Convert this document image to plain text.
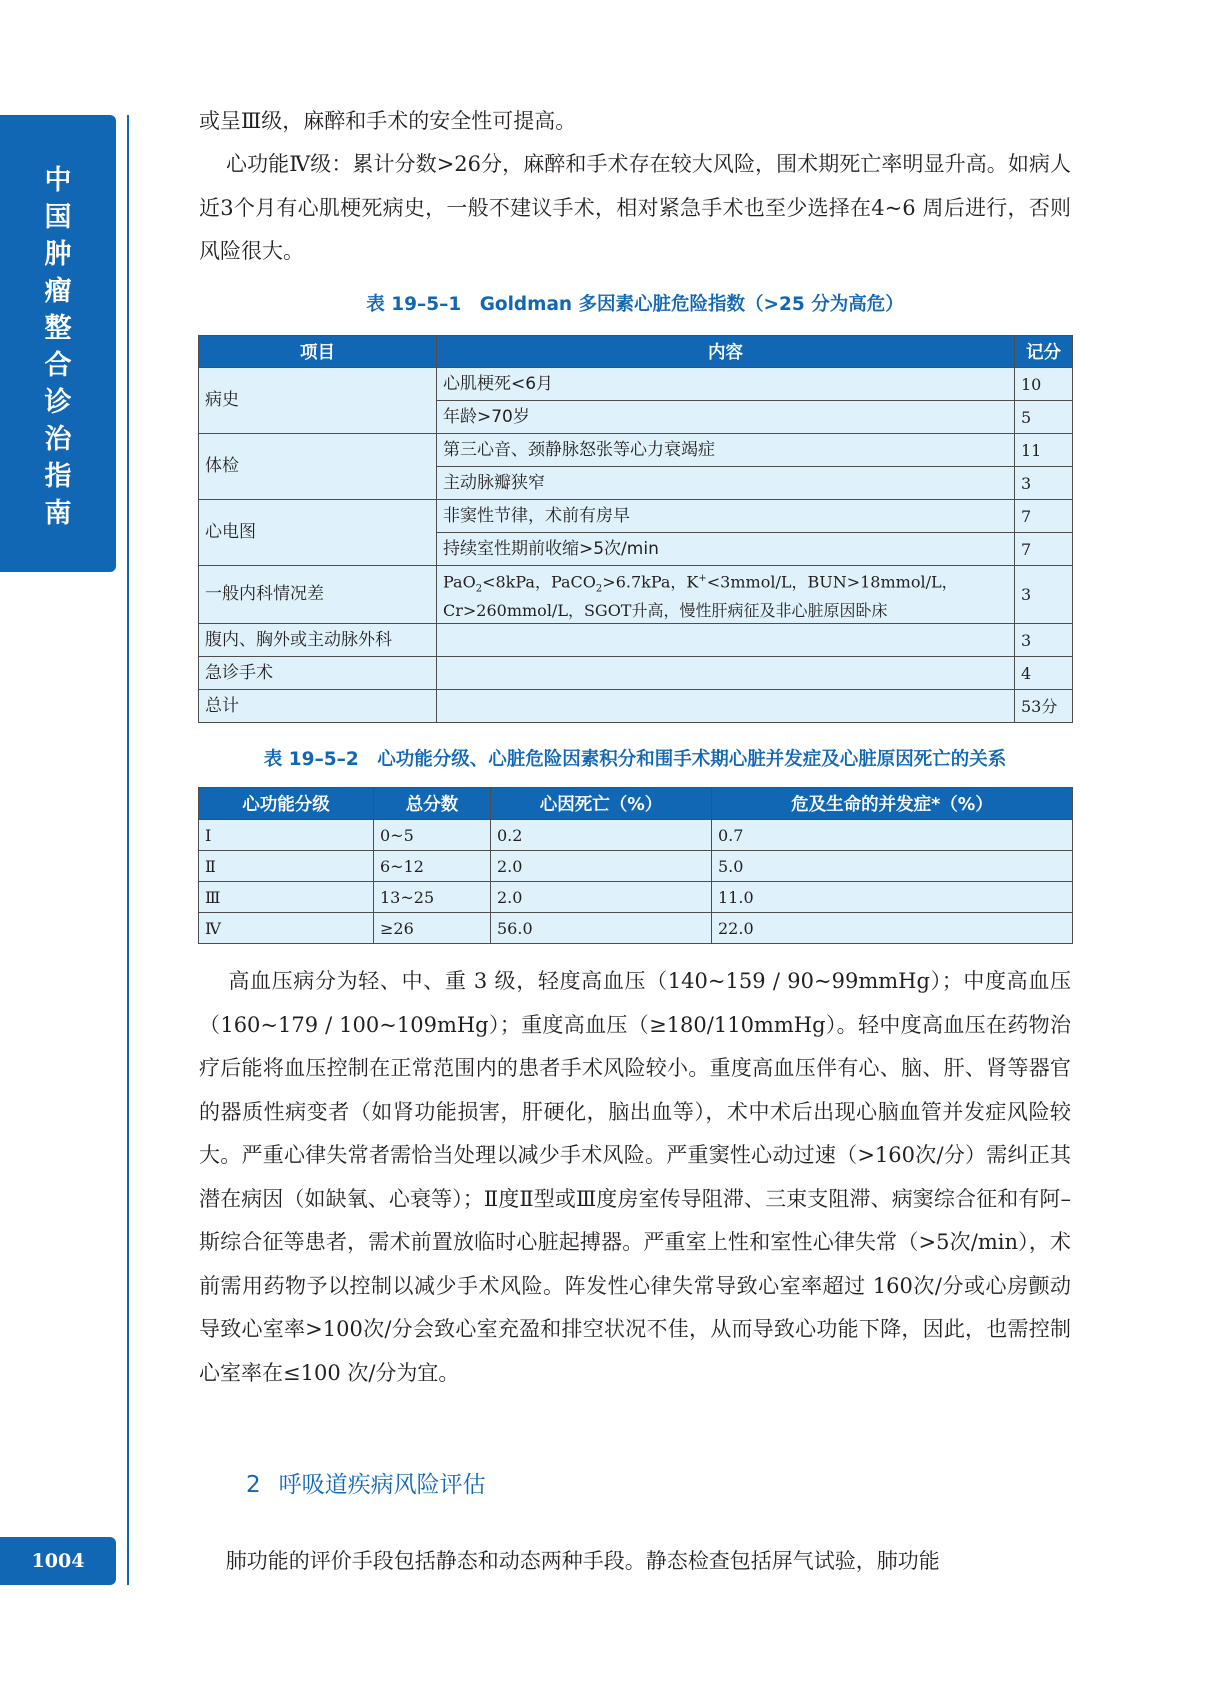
中
国
肿
瘤
整
合
诊
治
指
南
1004

或呈Ⅲ级，麻醉和手术的安全性可提高。

心功能Ⅳ级：累计分数>26分，麻醉和手术存在较大风险，围术期死亡率明显升高。如病人近3个月有心肌梗死病史，一般不建议手术，相对紧急手术也至少选择在4~6 周后进行，否则风险很大。

表 19–5–1　Goldman 多因素心脏危险指数（>25 分为高危）
项目	内容	记分
病史	心肌梗死<6月	10
	年龄>70岁	5
体检	第三心音、颈静脉怒张等心力衰竭症	11
	主动脉瓣狭窄	3
心电图	非窦性节律，术前有房早	7
	持续室性期前收缩>5次/min	7
一般内科情况差	PaO$_2$<8kPa，PaCO$_2$>6.7kPa，K+<3mmol/L，BUN>18mmol/L，
Cr>260mmol/L，SGOT升高，慢性肝病征及非心脏原因卧床	3
腹内、胸外或主动脉外科		3
急诊手术		4
总计		53分
表 19–5–2　心功能分级、心脏危险因素积分和围手术期心脏并发症及心脏原因死亡的关系
心功能分级	总分数	心因死亡（%）	危及生命的并发症*（%）
Ⅰ	0~5	0.2	0.7
Ⅱ	6~12	2.0	5.0
Ⅲ	13~25	2.0	11.0
Ⅳ	≥26	56.0	22.0

高血压病分为轻、中、重 3 级，轻度高血压（140~159 / 90~99mmHg）；中度高血压（160~179 / 100~109mHg）；重度高血压（≥180/110mmHg）。轻中度高血压在药物治疗后能将血压控制在正常范围内的患者手术风险较小。重度高血压伴有心、脑、肝、肾等器官的器质性病变者（如肾功能损害，肝硬化，脑出血等），术中术后出现心脑血管并发症风险较大。严重心律失常者需恰当处理以减少手术风险。严重窦性心动过速（>160次/分）需纠正其潜在病因（如缺氧、心衰等）；Ⅱ度Ⅱ型或Ⅲ度房室传导阻滞、三束支阻滞、病窦综合征和有阿–斯综合征等患者，需术前置放临时心脏起搏器。严重室上性和室性心律失常（>5次/min），术前需用药物予以控制以减少手术风险。阵发性心律失常导致心室率超过 160次/分或心房颤动导致心室率>100次/分会致心室充盈和排空状况不佳，从而导致心功能下降，因此，也需控制心室率在≤100 次/分为宜。

2 呼吸道疾病风险评估

肺功能的评价手段包括静态和动态两种手段。静态检查包括屏气试验，肺功能
